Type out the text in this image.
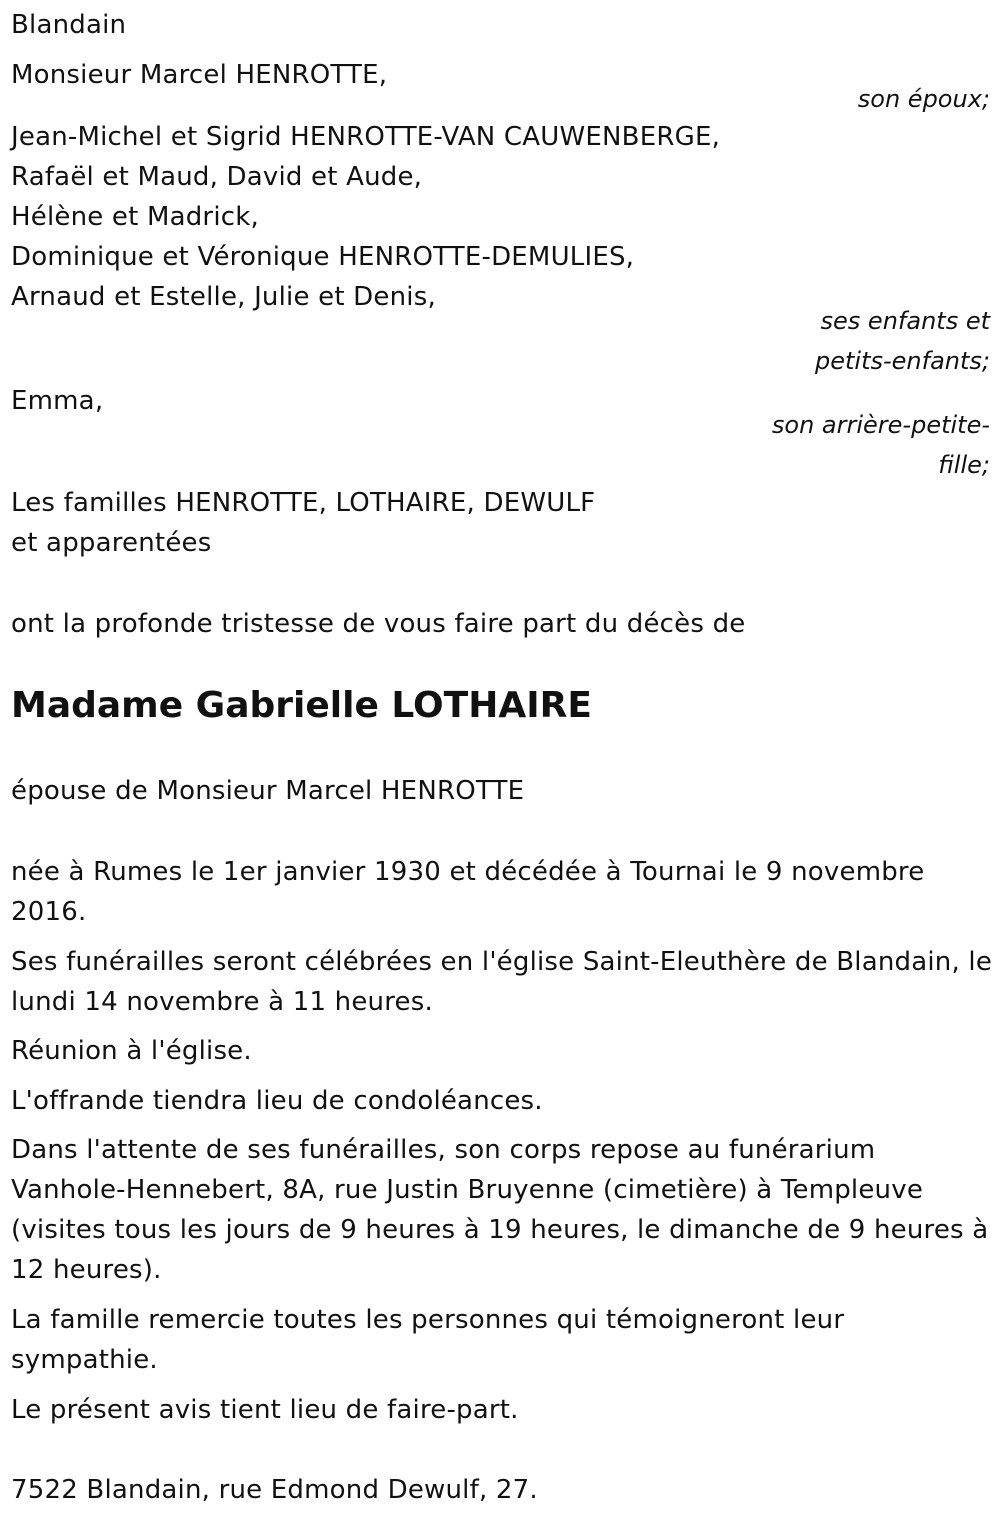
Blandain
Monsieur Marcel HENROTTE,
son époux;
Jean-Michel et Sigrid HENROTTE-VAN CAUWENBERGE,
Rafaël et Maud, David et Aude,
Hélène et Madrick,
Dominique et Véronique HENROTTE-DEMULIES,
Arnaud et Estelle, Julie et Denis,
ses enfants et
petits-enfants;
Emma,
son arrière-petite-
fille;
Les familles HENROTTE, LOTHAIRE, DEWULF
et apparentées
ont la profonde tristesse de vous faire part du décès de
Madame Gabrielle LOTHAIRE
épouse de Monsieur Marcel HENROTTE
née à Rumes le 1er janvier 1930 et décédée à Tournai le 9 novembre
2016.
Ses funérailles seront célébrées en l'église Saint-Eleuthère de Blandain, le
lundi 14 novembre à 11 heures.
Réunion à l'église.
L'offrande tiendra lieu de condoléances.
Dans l'attente de ses funérailles, son corps repose au funérarium
Vanhole-Hennebert, 8A, rue Justin Bruyenne (cimetière) à Templeuve
(visites tous les jours de 9 heures à 19 heures, le dimanche de 9 heures à
12 heures).
La famille remercie toutes les personnes qui témoigneront leur
sympathie.
Le présent avis tient lieu de faire-part.
7522 Blandain, rue Edmond Dewulf, 27.
